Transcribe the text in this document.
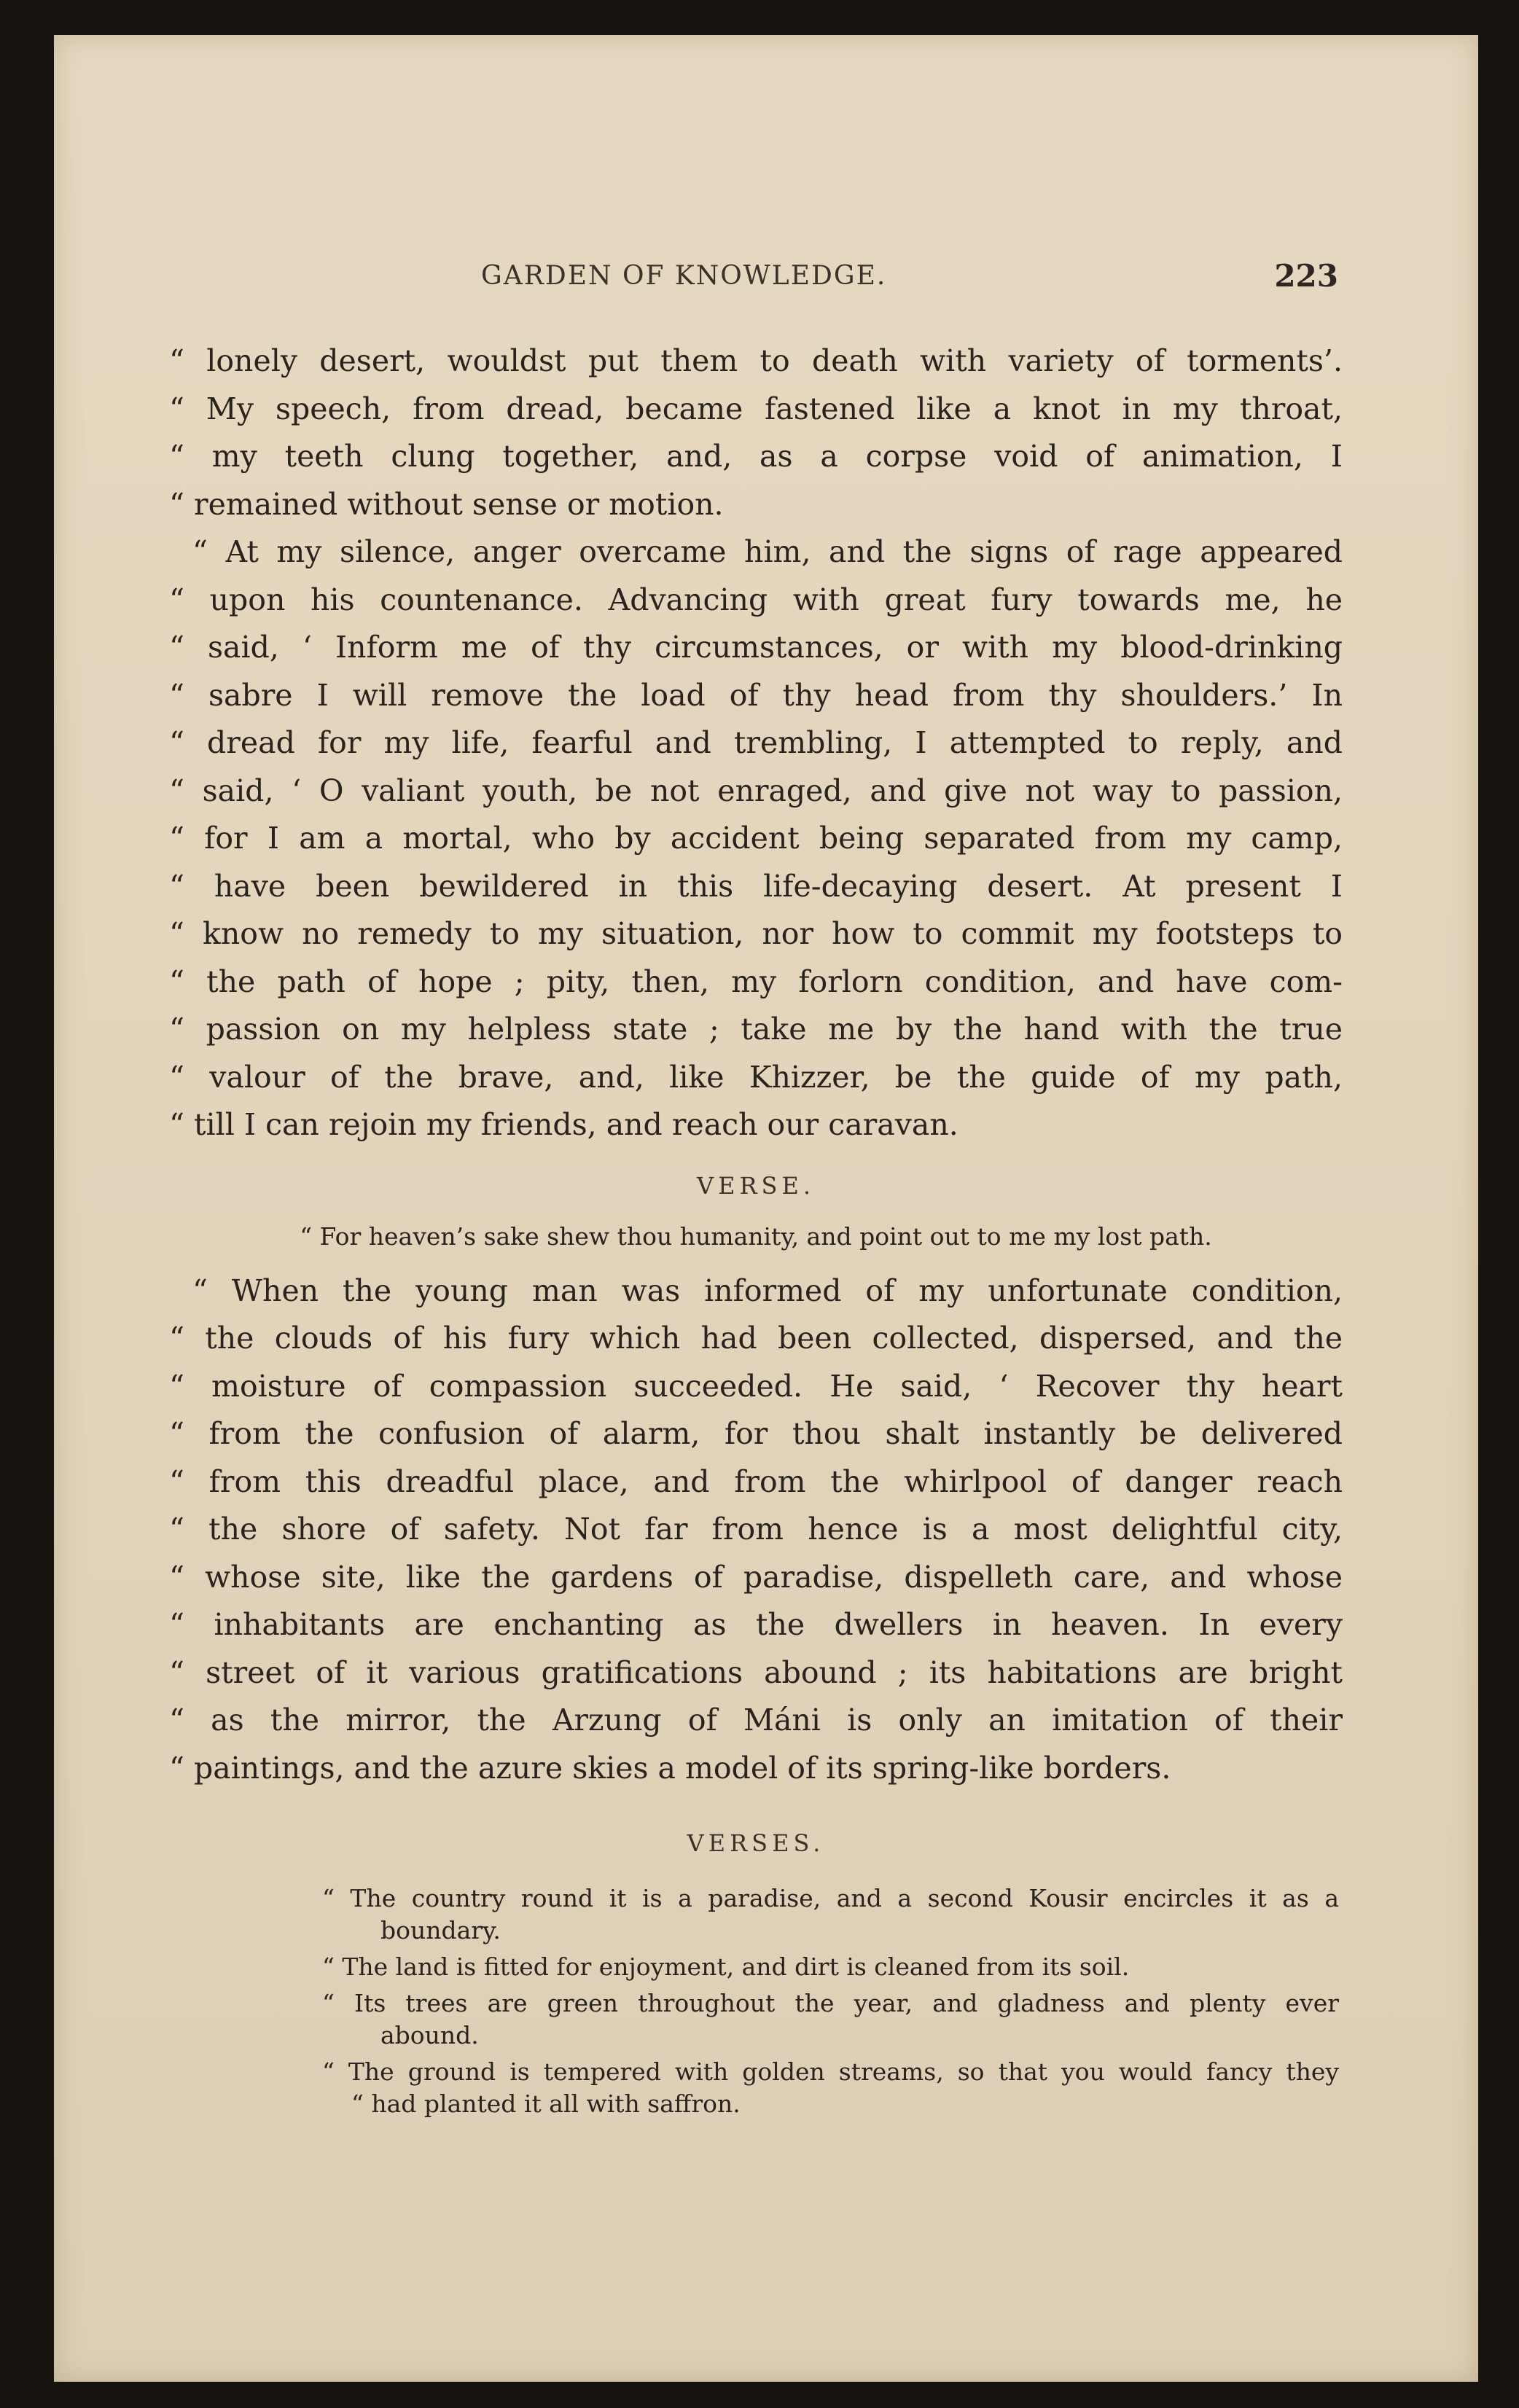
GARDEN OF KNOWLEDGE.	223
“ lonely desert, wouldst put them to death with variety of torments’.
“ My speech, from dread, became fastened like a knot in my throat,
“ my teeth clung together, and, as a corpse void of animation, I
“ remained without sense or motion.
“ At my silence, anger overcame him, and the signs of rage appeared
“ upon his countenance. Advancing with great fury towards me, he
“ said, ‘ Inform me of thy circumstances, or with my blood-drinking
“ sabre I will remove the load of thy head from thy shoulders.’ In
“ dread for my life, fearful and trembling, I attempted to reply, and
“ said, ‘ O valiant youth, be not enraged, and give not way to passion,
“ for I am a mortal, who by accident being separated from my camp,
“ have been bewildered in this life-decaying desert. At present I
“ know no remedy to my situation, nor how to commit my footsteps to
“ the path of hope ; pity, then, my forlorn condition, and have com-
“ passion on my helpless state ; take me by the hand with the true
“ valour of the brave, and, like Khizzer, be the guide of my path,
“ till I can rejoin my friends, and reach our caravan.
VERSE.
“ For heaven’s sake shew thou humanity, and point out to me my lost path.
“ When the young man was informed of my unfortunate condition,
“ the clouds of his fury which had been collected, dispersed, and the
“ moisture of compassion succeeded. He said, ‘ Recover thy heart
“ from the confusion of alarm, for thou shalt instantly be delivered
“ from this dreadful place, and from the whirlpool of danger reach
“ the shore of safety. Not far from hence is a most delightful city,
“ whose site, like the gardens of paradise, dispelleth care, and whose
“ inhabitants are enchanting as the dwellers in heaven. In every
“ street of it various gratifications abound ; its habitations are bright
“ as the mirror, the Arzung of Máni is only an imitation of their
“ paintings, and the azure skies a model of its spring-like borders.
VERSES.
“ The country round it is a paradise, and a second Kousir encircles it as a
boundary.
“ The land is fitted for enjoyment, and dirt is cleaned from its soil.
“ Its trees are green throughout the year, and gladness and plenty ever
abound.
“ The ground is tempered with golden streams, so that you would fancy they
“ had planted it all with saffron.
